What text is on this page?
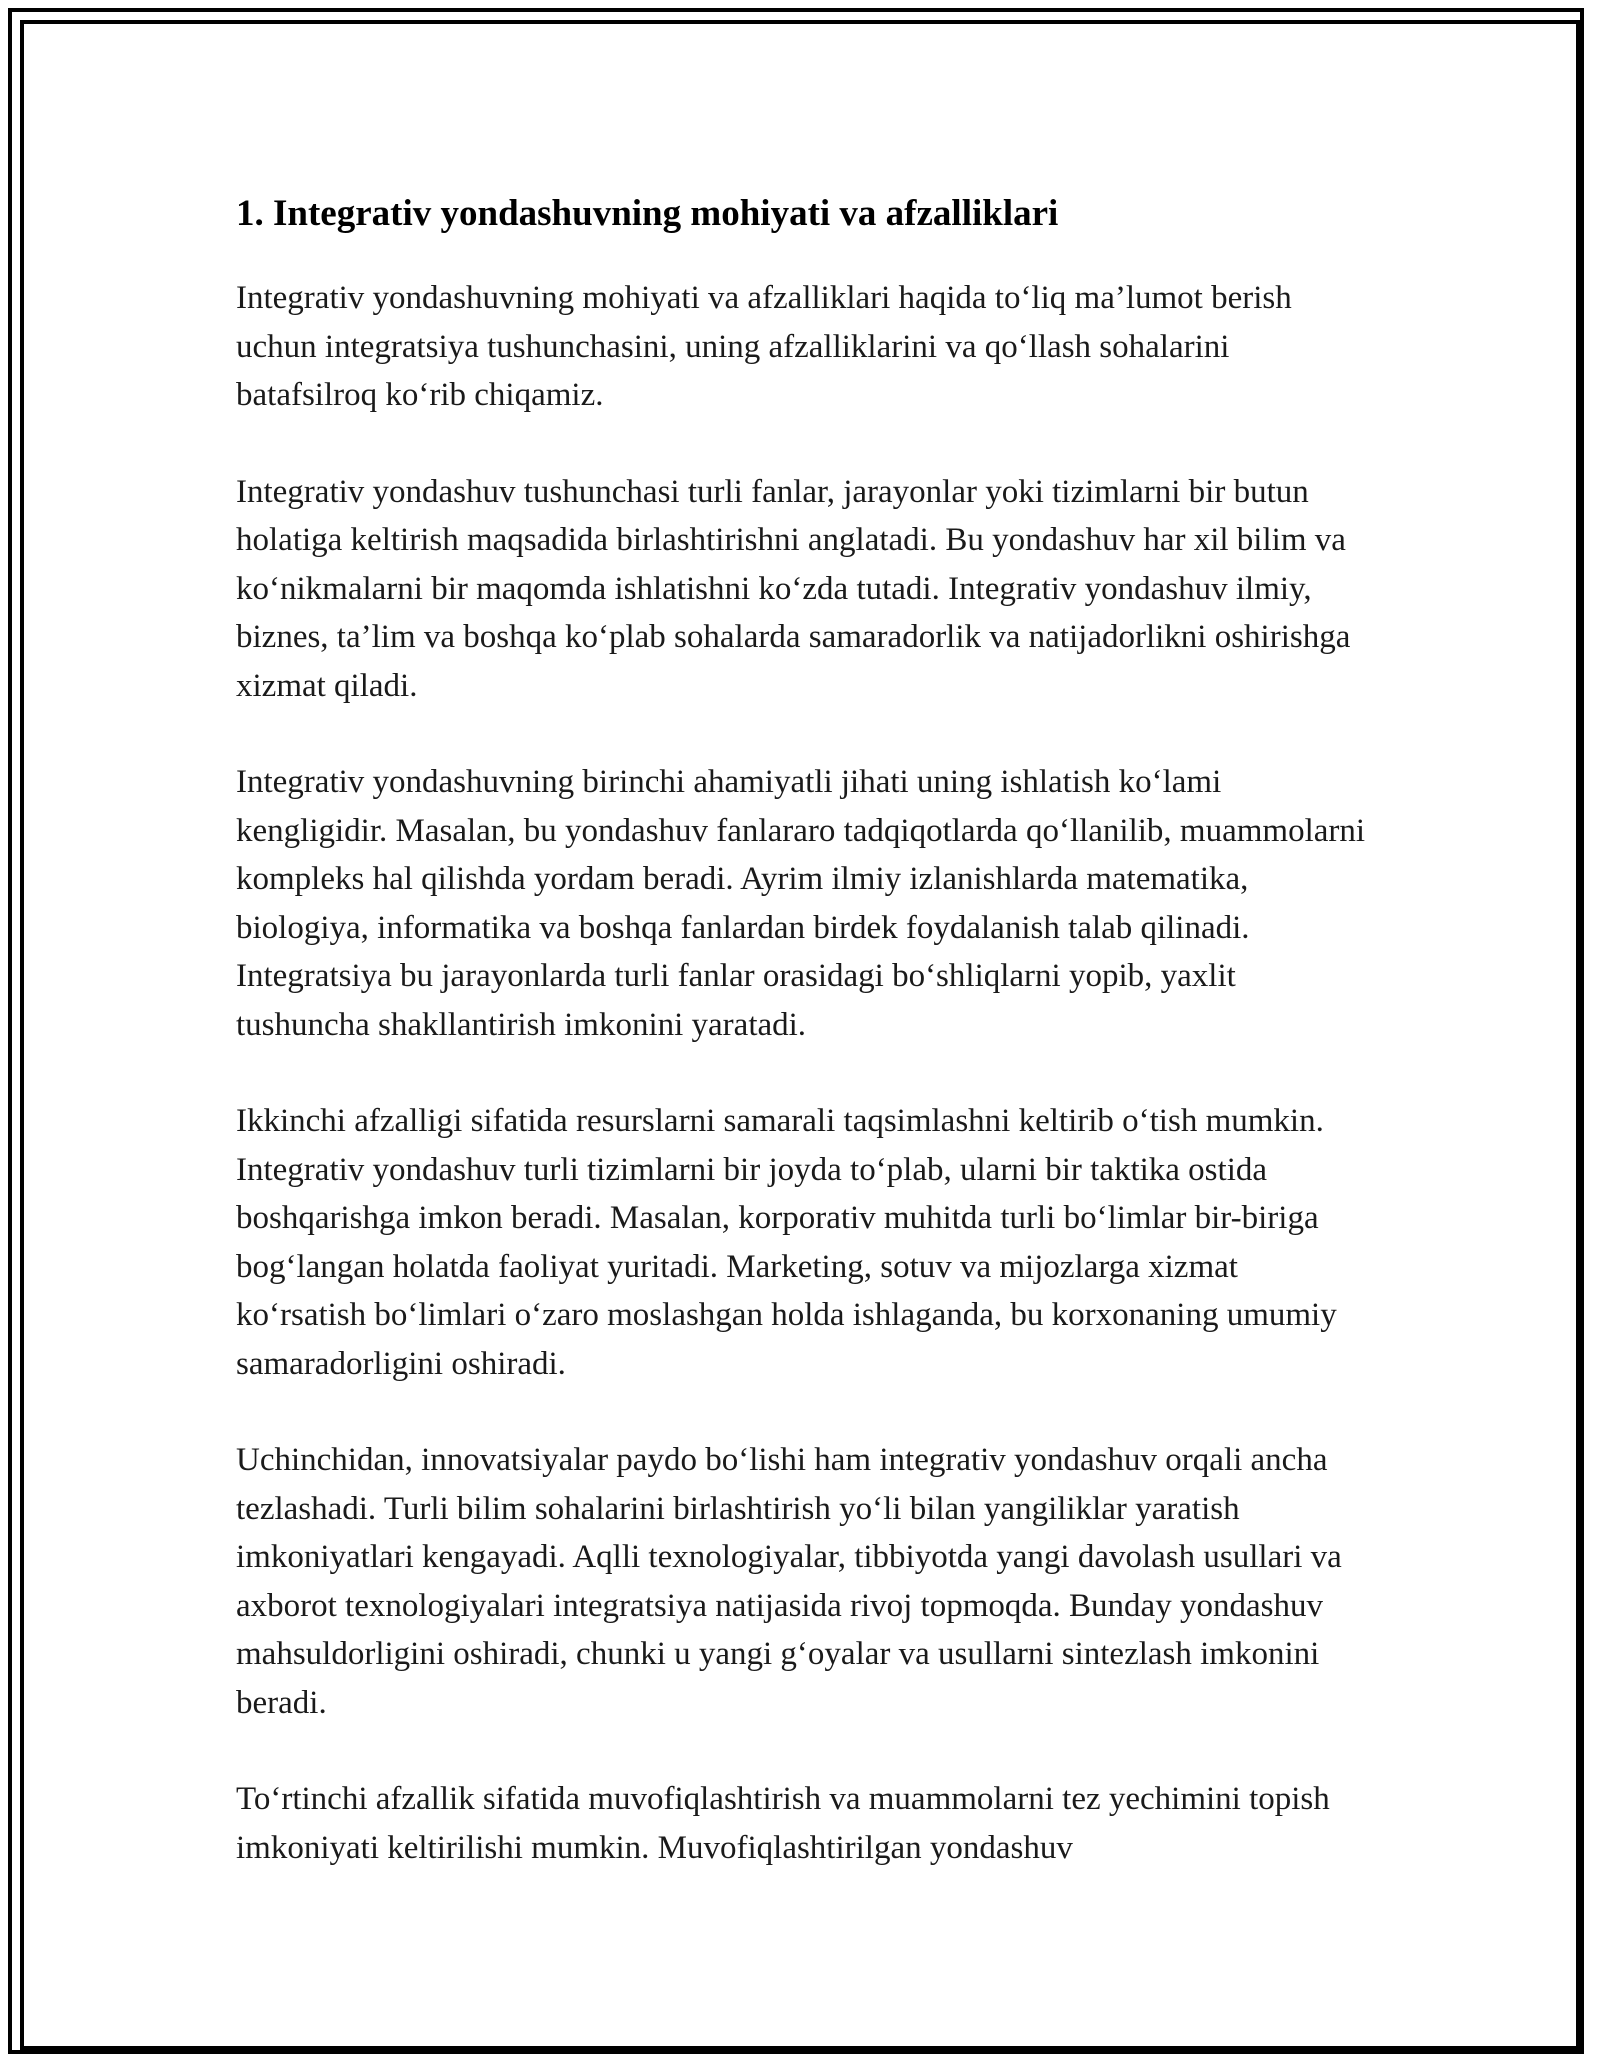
1. Integrativ yondashuvning mohiyati va afzalliklari

Integrativ yondashuvning mohiyati va afzalliklari haqida to‘liq ma’lumot berish uchun integratsiya tushunchasini, uning afzalliklarini va qo‘llash sohalarini batafsilroq ko‘rib chiqamiz.

Integrativ yondashuv tushunchasi turli fanlar, jarayonlar yoki tizimlarni bir butun holatiga keltirish maqsadida birlashtirishni anglatadi. Bu yondashuv har xil bilim va ko‘nikmalarni bir maqomda ishlatishni ko‘zda tutadi. Integrativ yondashuv ilmiy, biznes, ta’lim va boshqa ko‘plab sohalarda samaradorlik va natijadorlikni oshirishga xizmat qiladi.

Integrativ yondashuvning birinchi ahamiyatli jihati uning ishlatish ko‘lami kengligidir. Masalan, bu yondashuv fanlararo tadqiqotlarda qo‘llanilib, muammolarni kompleks hal qilishda yordam beradi. Ayrim ilmiy izlanishlarda matematika, biologiya, informatika va boshqa fanlardan birdek foydalanish talab qilinadi. Integratsiya bu jarayonlarda turli fanlar orasidagi bo‘shliqlarni yopib, yaxlit tushuncha shakllantirish imkonini yaratadi.

Ikkinchi afzalligi sifatida resurslarni samarali taqsimlashni keltirib o‘tish mumkin. Integrativ yondashuv turli tizimlarni bir joyda to‘plab, ularni bir taktika ostida boshqarishga imkon beradi. Masalan, korporativ muhitda turli bo‘limlar bir-biriga bog‘langan holatda faoliyat yuritadi. Marketing, sotuv va mijozlarga xizmat ko‘rsatish bo‘limlari o‘zaro moslashgan holda ishlaganda, bu korxonaning umumiy samaradorligini oshiradi.

Uchinchidan, innovatsiyalar paydo bo‘lishi ham integrativ yondashuv orqali ancha tezlashadi. Turli bilim sohalarini birlashtirish yo‘li bilan yangiliklar yaratish imkoniyatlari kengayadi. Aqlli texnologiyalar, tibbiyotda yangi davolash usullari va axborot texnologiyalari integratsiya natijasida rivoj topmoqda. Bunday yondashuv mahsuldorligini oshiradi, chunki u yangi g‘oyalar va usullarni sintezlash imkonini beradi.

To‘rtinchi afzallik sifatida muvofiqlashtirish va muammolarni tez yechimini topish imkoniyati keltirilishi mumkin. Muvofiqlashtirilgan yondashuv
